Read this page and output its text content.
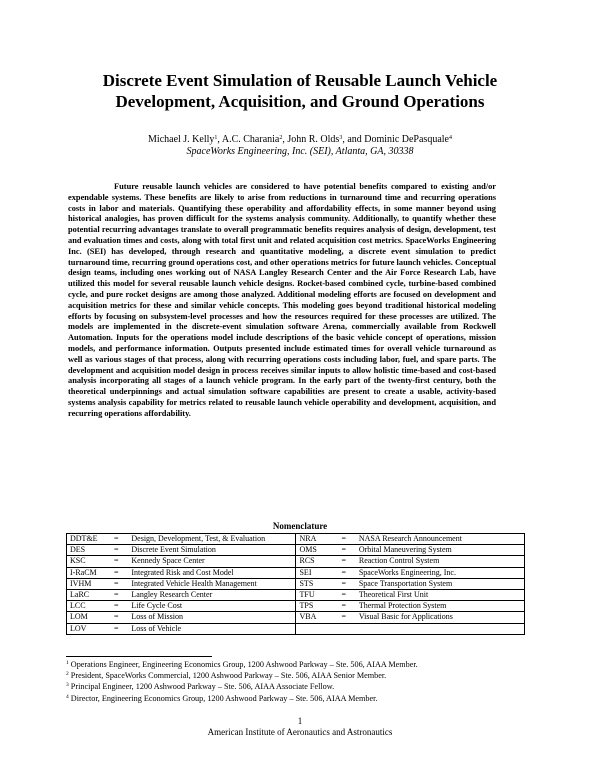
Discrete Event Simulation of Reusable Launch Vehicle
Development, Acquisition, and Ground Operations
Michael J. Kelly$^1$, A.C. Charania$^2$, John R. Olds$^3$, and Dominic DePasquale$^4$
SpaceWorks Engineering, Inc. (SEI), Atlanta, GA, 30338

Future reusable launch vehicles are considered to have potential benefits compared to existing and/or expendable systems. These benefits are likely to arise from reductions in turnaround time and recurring operations costs in labor and materials. Quantifying these operability and affordability effects, in some manner beyond using historical analogies, has proven difficult for the systems analysis community. Additionally, to quantify whether these potential recurring advantages translate to overall programmatic benefits requires analysis of design, development, test and evaluation times and costs, along with total first unit and related acquisition cost metrics. SpaceWorks Engineering Inc. (SEI) has developed, through research and quantitative modeling, a discrete event simulation to predict turnaround time, recurring ground operations cost, and other operations metrics for future launch vehicles. Conceptual design teams, including ones working out of NASA Langley Research Center and the Air Force Research Lab, have utilized this model for several reusable launch vehicle designs. Rocket-based combined cycle, turbine-based combined cycle, and pure rocket designs are among those analyzed. Additional modeling efforts are focused on development and acquisition metrics for these and similar vehicle concepts. This modeling goes beyond traditional historical modeling efforts by focusing on subsystem-level processes and how the resources required for these processes are utilized. The models are implemented in the discrete-event simulation software Arena, commercially available from Rockwell Automation. Inputs for the operations model include descriptions of the basic vehicle concept of operations, mission models, and performance information. Outputs presented include estimated times for overall vehicle turnaround as well as various stages of that process, along with recurring operations costs including labor, fuel, and spare parts. The development and acquisition model design in process receives similar inputs to allow holistic time-based and cost-based analysis incorporating all stages of a launch vehicle program. In the early part of the twenty-first century, both the theoretical underpinnings and actual simulation software capabilities are present to create a usable, activity-based systems analysis capability for metrics related to reusable launch vehicle operability and development, acquisition, and recurring operations affordability.

Nomenclature
DDT&E	=	Design, Development, Test, & Evaluation	NRA	=	NASA Research Announcement
DES	=	Discrete Event Simulation	OMS	=	Orbital Maneuvering System
KSC	=	Kennedy Space Center	RCS	=	Reaction Control System
I-RaCM	=	Integrated Risk and Cost Model	SEI	=	SpaceWorks Engineering, Inc.
IVHM	=	Integrated Vehicle Health Management	STS	=	Space Transportation System
LaRC	=	Langley Research Center	TFU	=	Theoretical First Unit
LCC	=	Life Cycle Cost	TPS	=	Thermal Protection System
LOM	=	Loss of Mission	VBA	=	Visual Basic for Applications
LOV	=	Loss of Vehicle			
$^1$ Operations Engineer, Engineering Economics Group, 1200 Ashwood Parkway – Ste. 506, AIAA Member.
$^2$ President, SpaceWorks Commercial, 1200 Ashwood Parkway – Ste. 506, AIAA Senior Member.
$^3$ Principal Engineer, 1200 Ashwood Parkway – Ste. 506, AIAA Associate Fellow.
$^4$ Director, Engineering Economics Group, 1200 Ashwood Parkway – Ste. 506, AIAA Member.
1
American Institute of Aeronautics and Astronautics
